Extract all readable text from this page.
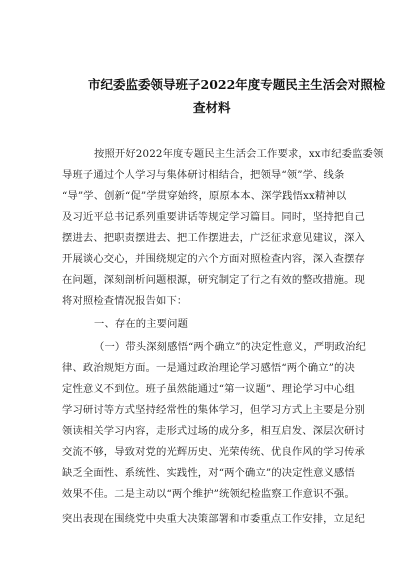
市纪委监委领导班子2022年度专题民主生活会对照检
查材料

按照开好2022年度专题民主生活会工作要求，xx市纪委监委领

导班子通过个人学习与集体研讨相结合，把领导“领”学、线条

“导”学、创新“促”学贯穿始终，原原本本、深学践悟xx精神以

及习近平总书记系列重要讲话等规定学习篇目。同时，坚持把自己

摆进去、把职责摆进去、把工作摆进去，广泛征求意见建议，深入

开展谈心交心，并围绕规定的六个方面对照检查内容，深入查摆存

在问题，深刻剖析问题根源，研究制定了行之有效的整改措施。现

将对照检查情况报告如下：

一、存在的主要问题

（一）带头深刻感悟“两个确立”的决定性意义，严明政治纪

律、政治规矩方面。一是通过政治理论学习感悟“两个确立”的决

定性意义不到位。班子虽然能通过“第一议题”、理论学习中心组

学习研讨等方式坚持经常性的集体学习，但学习方式上主要是分别

领读相关学习内容，走形式过场的成分多，相互启发、深层次研讨

交流不够，导致对党的光辉历史、光荣传统、优良作风的学习传承

缺乏全面性、系统性、实践性，对“两个确立”的决定性意义感悟

效果不佳。二是主动以“两个维护”统领纪检监察工作意识不强。

突出表现在围绕党中央重大决策部署和市委重点工作安排，立足纪
